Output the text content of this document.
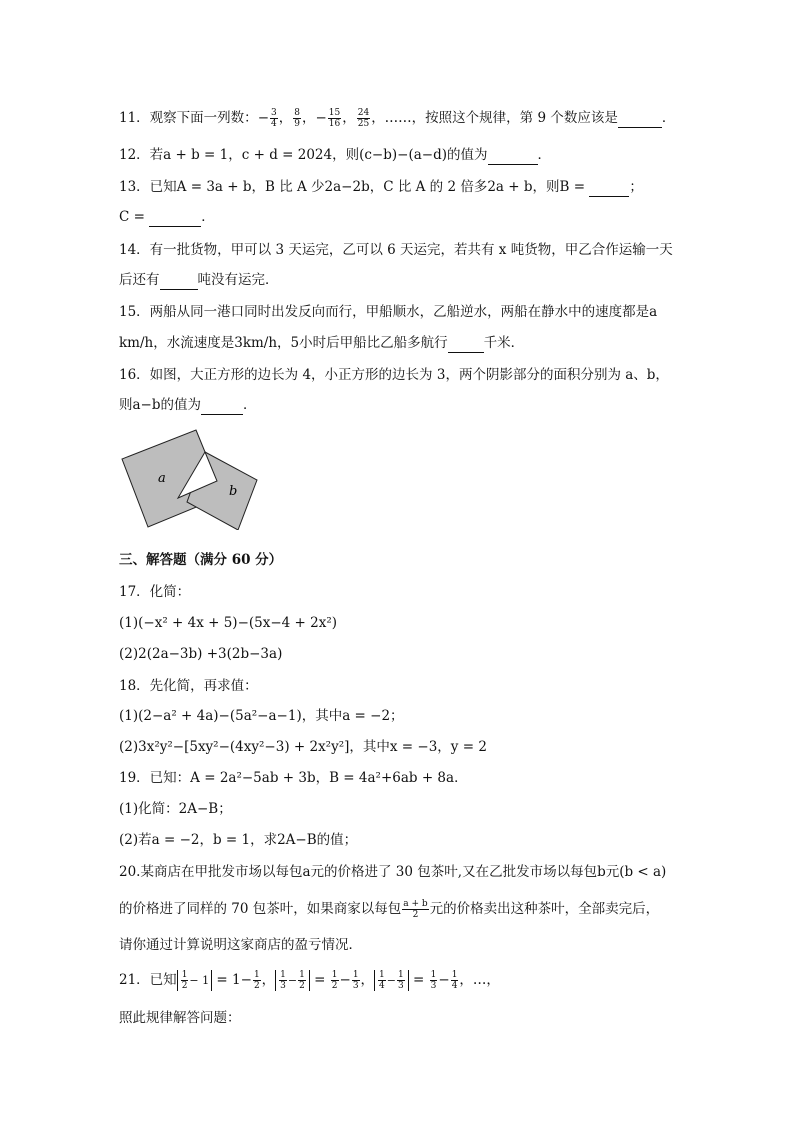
11．观察下面一列数：− $\frac{3}{4}$ ， $\frac{8}{9}$ ，− $\frac{15}{16}$ ， $\frac{24}{25}$ ，……，按照这个规律，第 9 个数应该是	．
12．若a + b = 1，c + d = 2024，则(c−b)−(a−d)的值为	．
13．已知A = 3a + b，B 比 A 少2a−2b，C 比 A 的 2 倍多2a + b，则B =	；
C =	．
14．有一批货物，甲可以 3 天运完，乙可以 6 天运完，若共有 x 吨货物，甲乙合作运输一天
后还有	吨没有运完．
15．两船从同一港口同时出发反向而行，甲船顺水，乙船逆水，两船在静水中的速度都是a
km/h，水流速度是3km/h，5小时后甲船比乙船多航行	千米．
16．如图，大正方形的边长为 4，小正方形的边长为 3，两个阴影部分的面积分别为 a、b，
则a−b的值为	．
a
b
三、解答题（满分 60 分）
17．化简：
(1)(−x² + 4x + 5)−(5x−4 + 2x²)
(2)2(2a−3b) +3(2b−3a)
18．先化简，再求值：
(1)(2−a² + 4a)−(5a²−a−1)，其中a = −2；
(2)3x²y²−[5xy²−(4xy²−3) + 2x²y²]，其中x = −3，y = 2
19．已知：A = 2a²−5ab + 3b，B = 4a²+6ab + 8a．
(1)化简：2A−B；
(2)若a = −2，b = 1，求2A−B的值；
20.某商店在甲批发市场以每包a元的价格进了 30 包茶叶,又在乙批发市场以每包b元(b < a)
的价格进了同样的 70 包茶叶，如果商家以每包 $\frac{a + b}{2}$ 元的价格卖出这种茶叶，全部卖完后，
请你通过计算说明这家商店的盈亏情况．
21．已知 $\frac{1}{2} - 1 = 1- \frac{1}{2}$ ， $\frac{1}{3} - \frac{1}{2} = \frac{1}{2} - \frac{1}{3}$ ， $\frac{1}{4} - \frac{1}{3} = \frac{1}{3} - \frac{1}{4}$ ，…，
照此规律解答问题：
